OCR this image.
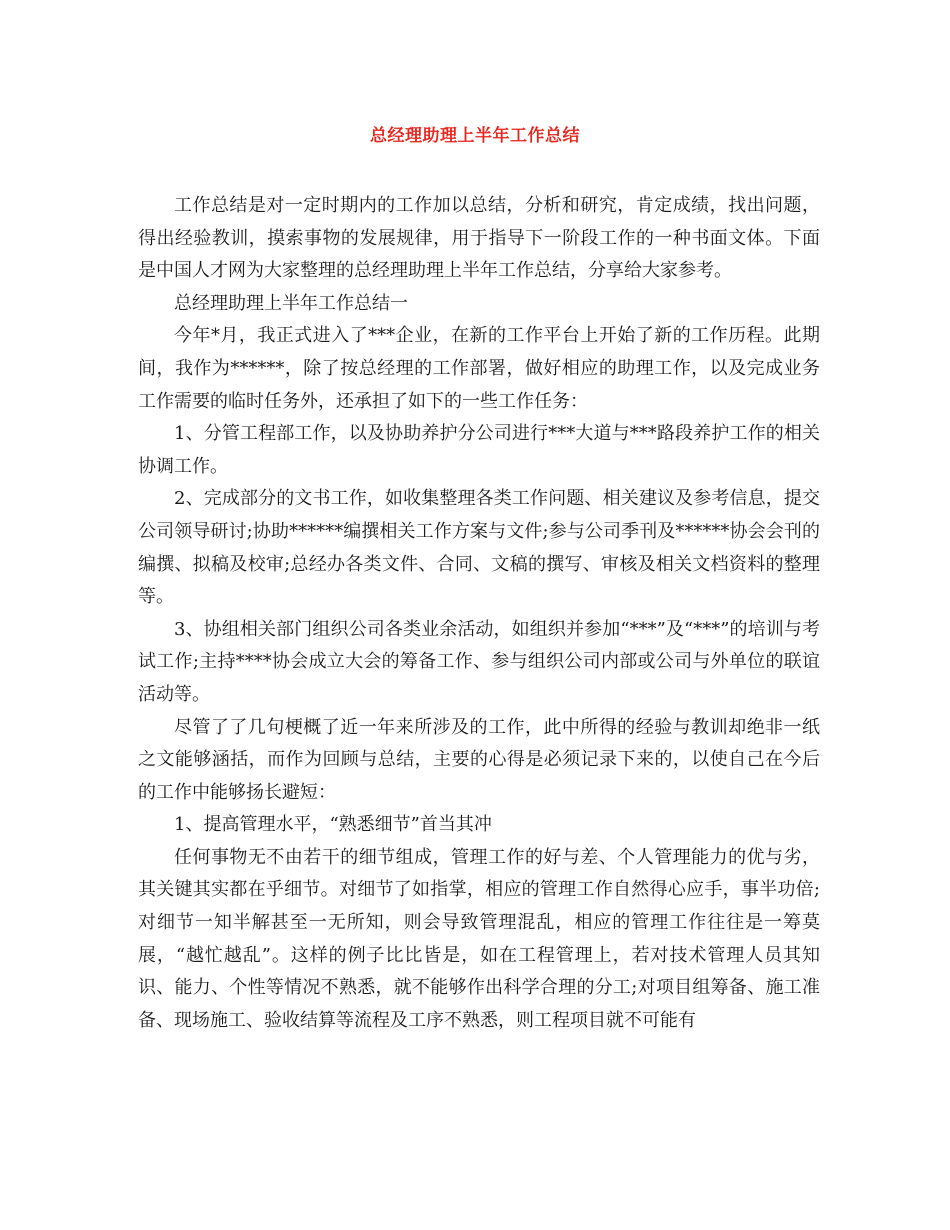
总经理助理上半年工作总结

工作总结是对一定时期内的工作加以总结，分析和研究，肯定成绩，找出问题，得出经验教训，摸索事物的发展规律，用于指导下一阶段工作的一种书面文体。下面是中国人才网为大家整理的总经理助理上半年工作总结，分享给大家参考。

总经理助理上半年工作总结一

今年*月，我正式进入了***企业，在新的工作平台上开始了新的工作历程。此期间，我作为******，除了按总经理的工作部署，做好相应的助理工作，以及完成业务工作需要的临时任务外，还承担了如下的一些工作任务：

1、分管工程部工作，以及协助养护分公司进行***大道与***路段养护工作的相关协调工作。

2、完成部分的文书工作，如收集整理各类工作问题、相关建议及参考信息，提交公司领导研讨;协助******编撰相关工作方案与文件;参与公司季刊及******协会会刊的编撰、拟稿及校审;总经办各类文件、合同、文稿的撰写、审核及相关文档资料的整理等。

3、协组相关部门组织公司各类业余活动，如组织并参加“***”及“***”的培训与考试工作;主持****协会成立大会的筹备工作、参与组织公司内部或公司与外单位的联谊活动等。

尽管了了几句梗概了近一年来所涉及的工作，此中所得的经验与教训却绝非一纸之文能够涵括，而作为回顾与总结，主要的心得是必须记录下来的，以使自己在今后的工作中能够扬长避短：

1、提高管理水平，“熟悉细节”首当其冲

任何事物无不由若干的细节组成，管理工作的好与差、个人管理能力的优与劣，其关键其实都在乎细节。对细节了如指掌，相应的管理工作自然得心应手，事半功倍;对细节一知半解甚至一无所知，则会导致管理混乱，相应的管理工作往往是一筹莫展，“越忙越乱”。这样的例子比比皆是，如在工程管理上，若对技术管理人员其知识、能力、个性等情况不熟悉，就不能够作出科学合理的分工;对项目组筹备、施工准备、现场施工、验收结算等流程及工序不熟悉，则工程项目就不可能有
